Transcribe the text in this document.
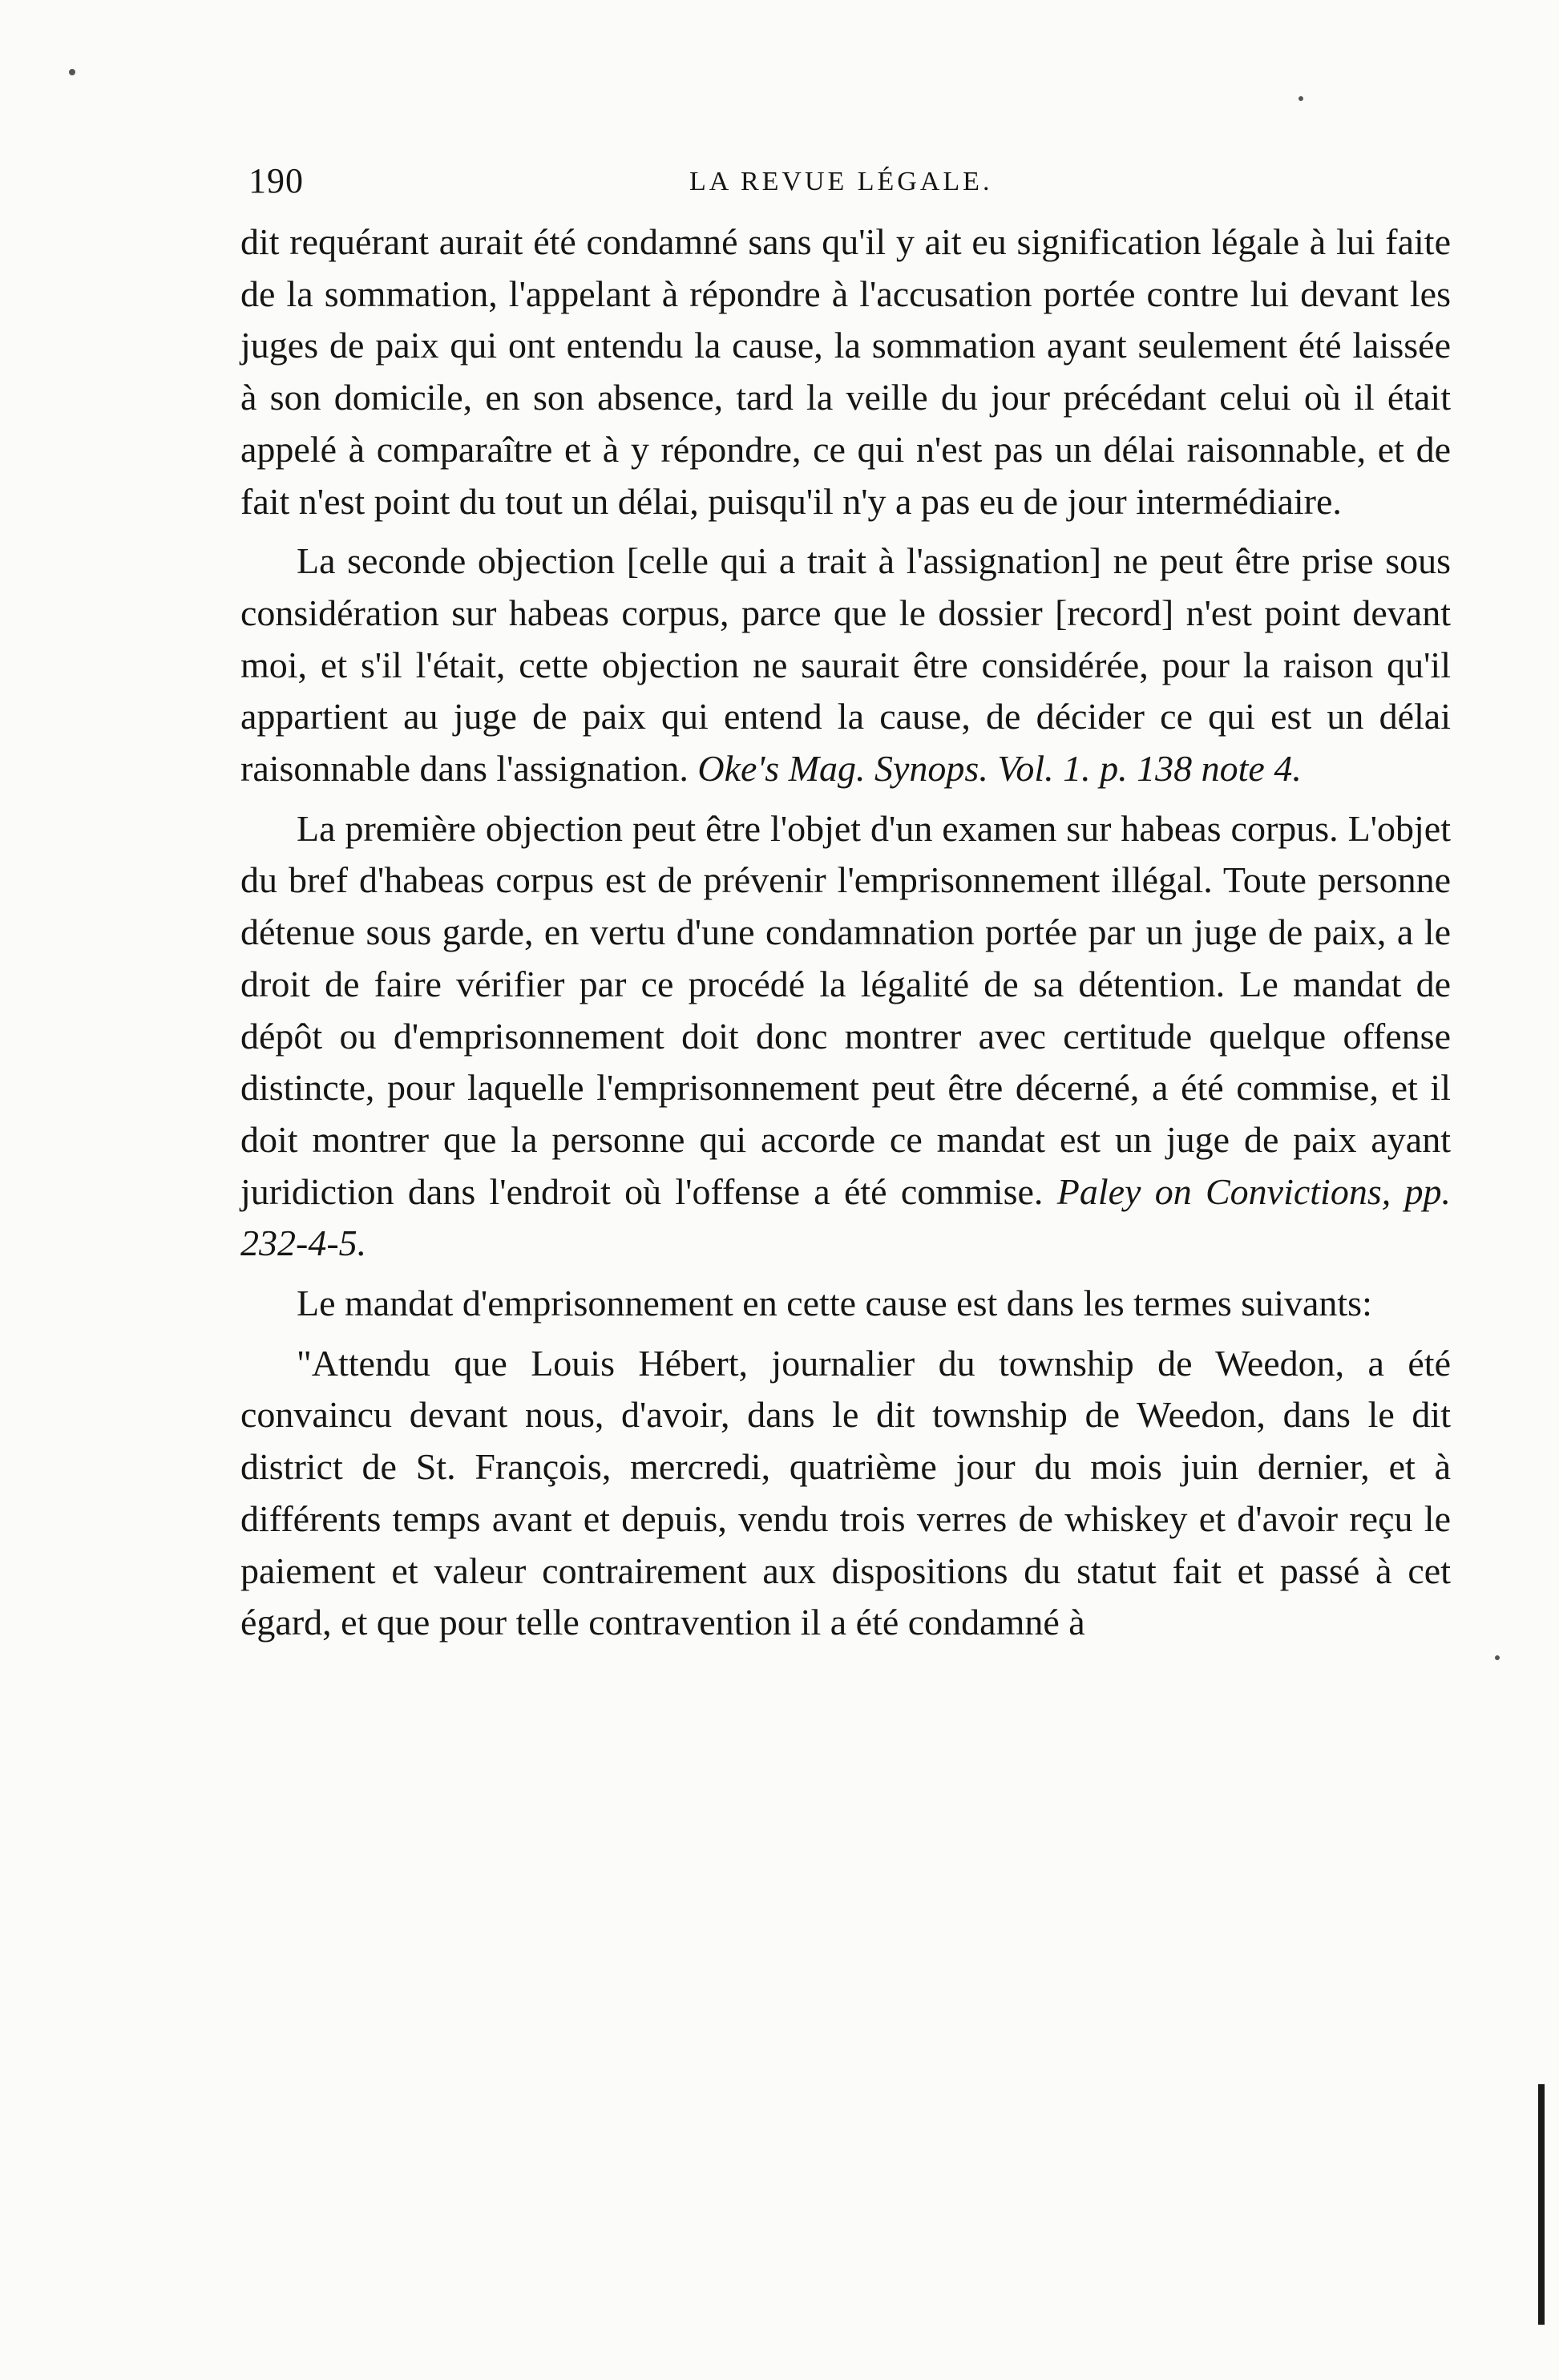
190	LA REVUE LÉGALE.

dit requérant aurait été condamné sans qu'il y ait eu signification légale à lui faite de la sommation, l'appelant à répondre à l'accusation portée contre lui devant les juges de paix qui ont entendu la cause, la sommation ayant seulement été laissée à son domicile, en son absence, tard la veille du jour précédant celui où il était appelé à comparaître et à y répondre, ce qui n'est pas un délai raisonnable, et de fait n'est point du tout un délai, puisqu'il n'y a pas eu de jour intermédiaire.

La seconde objection [celle qui a trait à l'assignation] ne peut être prise sous considération sur habeas corpus, parce que le dossier [record] n'est point devant moi, et s'il l'était, cette objection ne saurait être considérée, pour la raison qu'il appartient au juge de paix qui entend la cause, de décider ce qui est un délai raisonnable dans l'assignation. Oke's Mag. Synops. Vol. 1. p. 138 note 4.

La première objection peut être l'objet d'un examen sur habeas corpus. L'objet du bref d'habeas corpus est de prévenir l'emprisonnement illégal. Toute personne détenue sous garde, en vertu d'une condamnation portée par un juge de paix, a le droit de faire vérifier par ce procédé la légalité de sa détention. Le mandat de dépôt ou d'emprisonnement doit donc montrer avec certitude quelque offense distincte, pour laquelle l'emprisonnement peut être décerné, a été commise, et il doit montrer que la personne qui accorde ce mandat est un juge de paix ayant juridiction dans l'endroit où l'offense a été commise. Paley on Convictions, pp. 232-4-5.

Le mandat d'emprisonnement en cette cause est dans les termes suivants:

"Attendu que Louis Hébert, journalier du township de Weedon, a été convaincu devant nous, d'avoir, dans le dit township de Weedon, dans le dit district de St. François, mercredi, quatrième jour du mois juin dernier, et à différents temps avant et depuis, vendu trois verres de whiskey et d'avoir reçu le paiement et valeur contrairement aux dispositions du statut fait et passé à cet égard, et que pour telle contravention il a été condamné à
